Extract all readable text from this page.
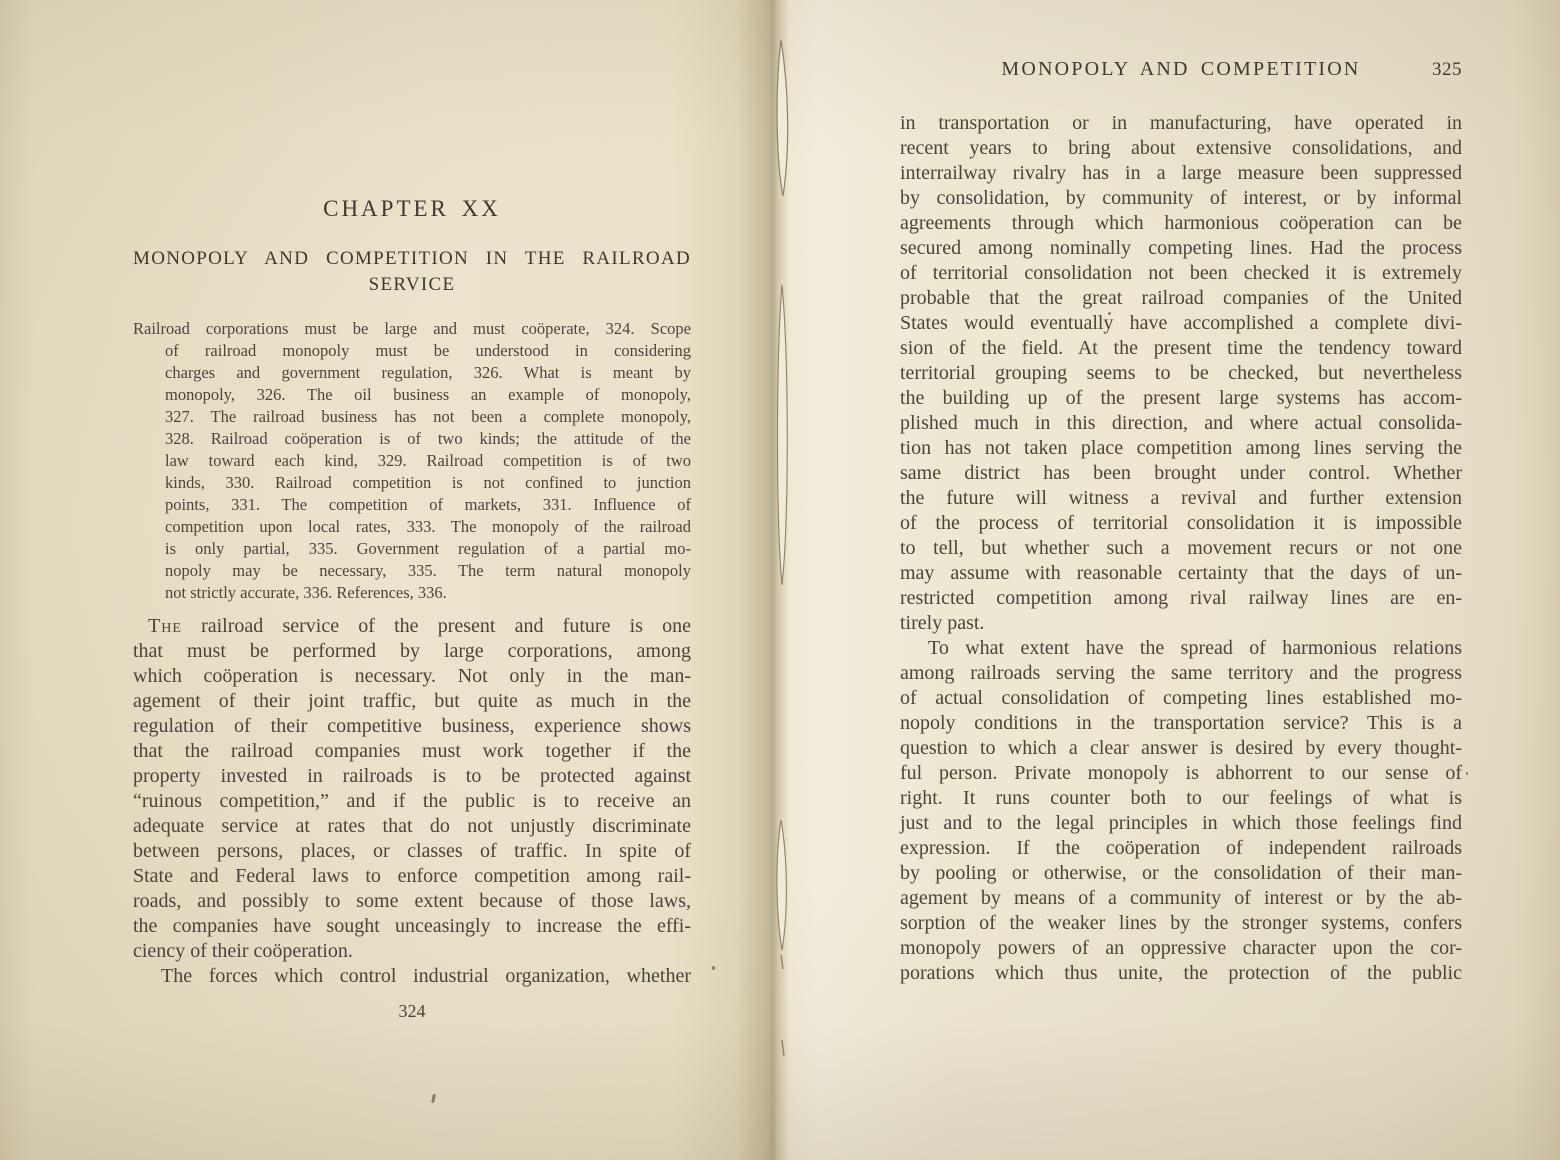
CHAPTER XX
MONOPOLY AND COMPETITION IN THE RAILROAD
SERVICE
Railroad corporations must be large and must coöperate, 324. Scope
of railroad monopoly must be understood in considering
charges and government regulation, 326. What is meant by
monopoly, 326. The oil business an example of monopoly,
327. The railroad business has not been a complete monopoly,
328. Railroad coöperation is of two kinds; the attitude of the
law toward each kind, 329. Railroad competition is of two
kinds, 330. Railroad competition is not confined to junction
points, 331. The competition of markets, 331. Influence of
competition upon local rates, 333. The monopoly of the railroad
is only partial, 335. Government regulation of a partial mo-
nopoly may be necessary, 335. The term natural monopoly
not strictly accurate, 336. References, 336.
The railroad service of the present and future is one
that must be performed by large corporations, among
which coöperation is necessary. Not only in the man-
agement of their joint traffic, but quite as much in the
regulation of their competitive business, experience shows
that the railroad companies must work together if the
property invested in railroads is to be protected against
“ruinous competition,” and if the public is to receive an
adequate service at rates that do not unjustly discriminate
between persons, places, or classes of traffic. In spite of
State and Federal laws to enforce competition among rail-
roads, and possibly to some extent because of those laws,
the companies have sought unceasingly to increase the effi-
ciency of their coöperation.
The forces which control industrial organization, whether
324
MONOPOLY AND COMPETITION	325
in transportation or in manufacturing, have operated in
recent years to bring about extensive consolidations, and
interrailway rivalry has in a large measure been suppressed
by consolidation, by community of interest, or by informal
agreements through which harmonious coöperation can be
secured among nominally competing lines. Had the process
of territorial consolidation not been checked it is extremely
probable that the great railroad companies of the United
States would eventually have accomplished a complete divi-
sion of the field. At the present time the tendency toward
territorial grouping seems to be checked, but nevertheless
the building up of the present large systems has accom-
plished much in this direction, and where actual consolida-
tion has not taken place competition among lines serving the
same district has been brought under control. Whether
the future will witness a revival and further extension
of the process of territorial consolidation it is impossible
to tell, but whether such a movement recurs or not one
may assume with reasonable certainty that the days of un-
restricted competition among rival railway lines are en-
tirely past.
To what extent have the spread of harmonious relations
among railroads serving the same territory and the progress
of actual consolidation of competing lines established mo-
nopoly conditions in the transportation service? This is a
question to which a clear answer is desired by every thought-
ful person. Private monopoly is abhorrent to our sense of
right. It runs counter both to our feelings of what is
just and to the legal principles in which those feelings find
expression. If the coöperation of independent railroads
by pooling or otherwise, or the consolidation of their man-
agement by means of a community of interest or by the ab-
sorption of the weaker lines by the stronger systems, confers
monopoly powers of an oppressive character upon the cor-
porations which thus unite, the protection of the public
